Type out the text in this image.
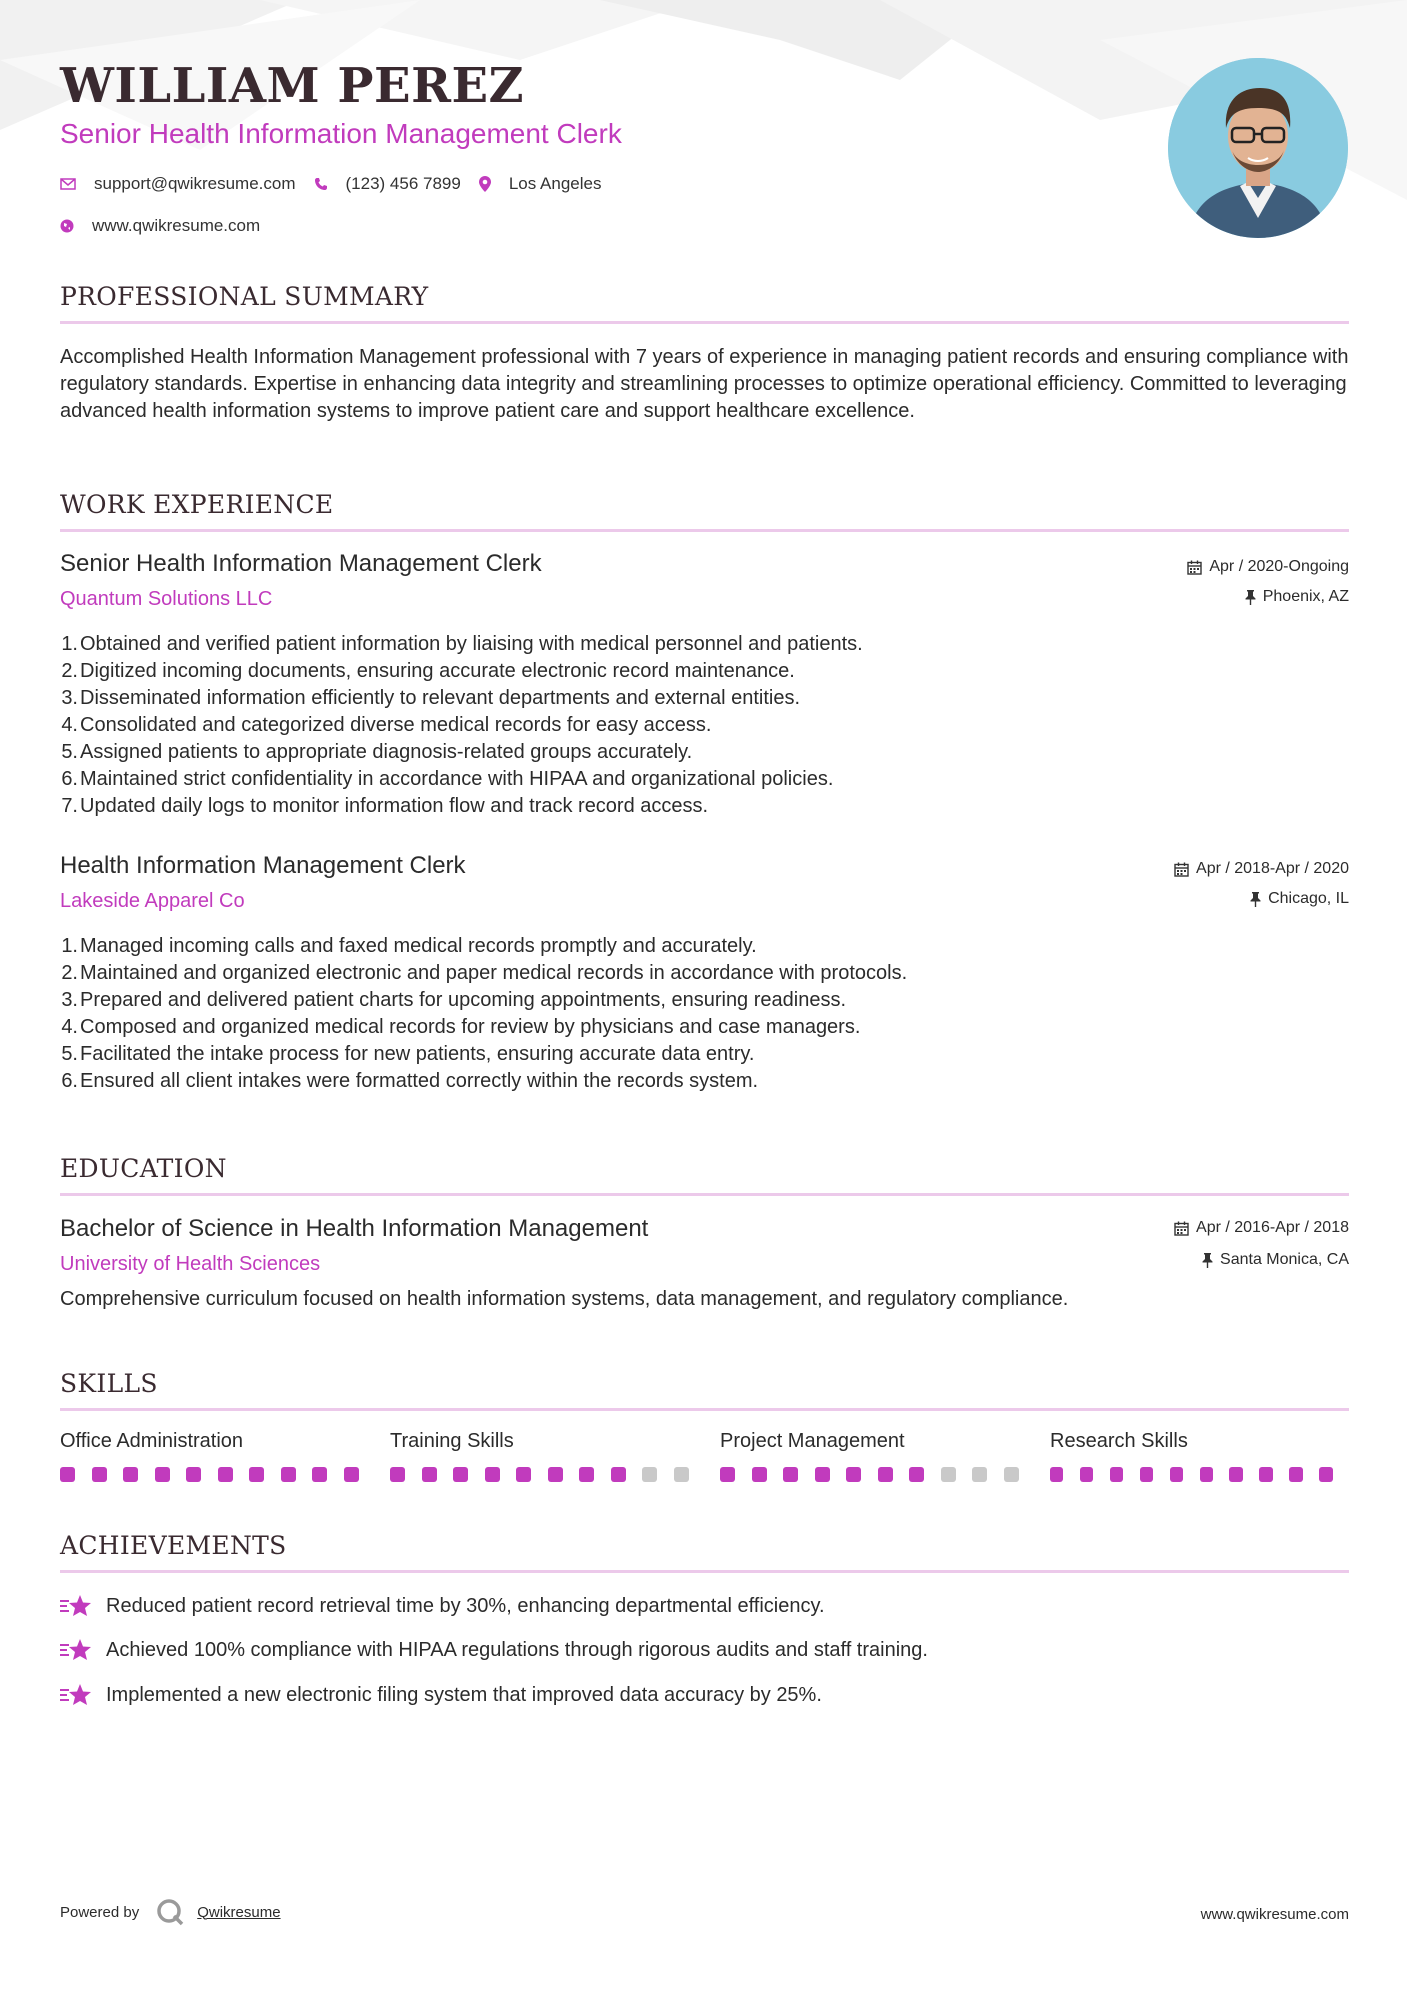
WILLIAM PEREZ
Senior Health Information Management Clerk
support@qwikresume.com	(123) 456 7899	Los Angeles
www.qwikresume.com
PROFESSIONAL SUMMARY
Accomplished Health Information Management professional with 7 years of experience in managing patient records and ensuring compliance with regulatory standards. Expertise in enhancing data integrity and streamlining processes to optimize operational efficiency. Committed to leveraging advanced health information systems to improve patient care and support healthcare excellence.
WORK EXPERIENCE
Senior Health Information Management Clerk
Quantum Solutions LLC
Apr / 2020-Ongoing
Phoenix, AZ
1. Obtained and verified patient information by liaising with medical personnel and patients.
2. Digitized incoming documents, ensuring accurate electronic record maintenance.
3. Disseminated information efficiently to relevant departments and external entities.
4. Consolidated and categorized diverse medical records for easy access.
5. Assigned patients to appropriate diagnosis-related groups accurately.
6. Maintained strict confidentiality in accordance with HIPAA and organizational policies.
7. Updated daily logs to monitor information flow and track record access.
Health Information Management Clerk
Lakeside Apparel Co
Apr / 2018-Apr / 2020
Chicago, IL
1. Managed incoming calls and faxed medical records promptly and accurately.
2. Maintained and organized electronic and paper medical records in accordance with protocols.
3. Prepared and delivered patient charts for upcoming appointments, ensuring readiness.
4. Composed and organized medical records for review by physicians and case managers.
5. Facilitated the intake process for new patients, ensuring accurate data entry.
6. Ensured all client intakes were formatted correctly within the records system.
EDUCATION
Bachelor of Science in Health Information Management
University of Health Sciences
Apr / 2016-Apr / 2018
Santa Monica, CA
Comprehensive curriculum focused on health information systems, data management, and regulatory compliance.
SKILLS
Office Administration	Training Skills	Project Management	Research Skills
ACHIEVEMENTS
Reduced patient record retrieval time by 30%, enhancing departmental efficiency.
Achieved 100% compliance with HIPAA regulations through rigorous audits and staff training.
Implemented a new electronic filing system that improved data accuracy by 25%.
Powered by	Qwikresume	www.qwikresume.com
